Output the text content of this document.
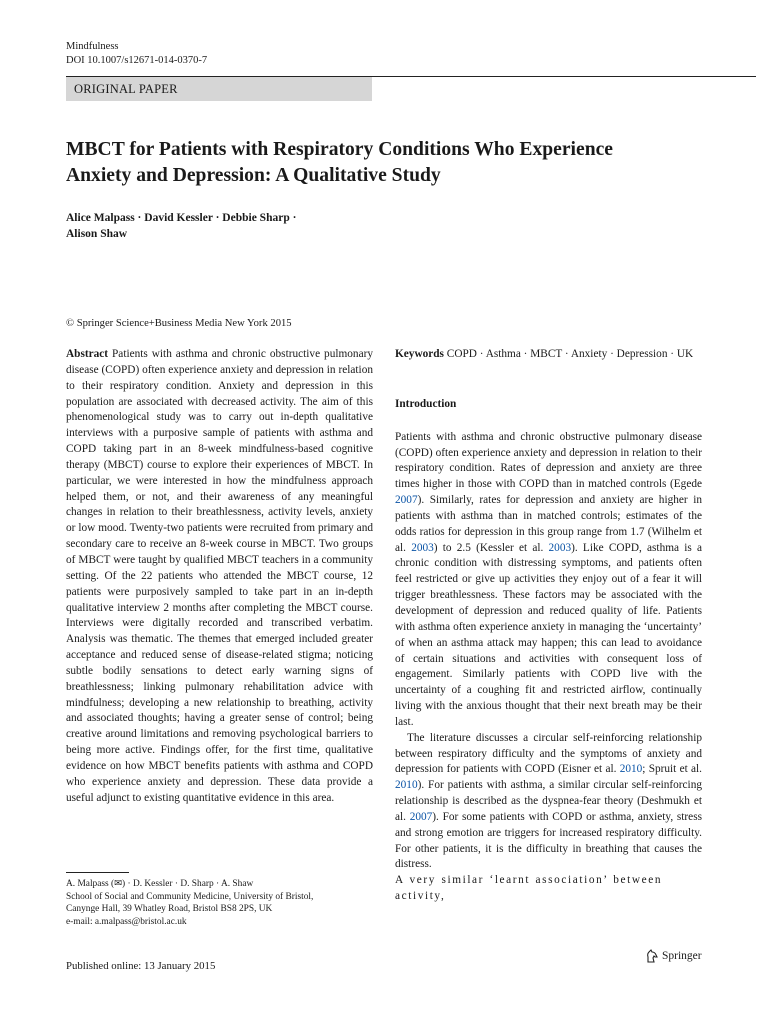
Mindfulness
DOI 10.1007/s12671-014-0370-7
ORIGINAL PAPER
MBCT for Patients with Respiratory Conditions Who Experience
Anxiety and Depression: A Qualitative Study
Alice Malpass · David Kessler · Debbie Sharp ·
Alison Shaw
© Springer Science+Business Media New York 2015

Abstract Patients with asthma and chronic obstructive pulmonary disease (COPD) often experience anxiety and depression in relation to their respiratory condition. Anxiety and depression in this population are associated with decreased activity. The aim of this phenomenological study was to carry out in-depth qualitative interviews with a purposive sample of patients with asthma and COPD taking part in an 8-week mindfulness-based cognitive therapy (MBCT) course to explore their experiences of MBCT. In particular, we were interested in how the mindfulness approach helped them, or not, and their awareness of any meaningful changes in relation to their breathlessness, activity levels, anxiety or low mood. Twenty-two patients were recruited from primary and secondary care to receive an 8-week course in MBCT. Two groups of MBCT were taught by qualified MBCT teachers in a community setting. Of the 22 patients who attended the MBCT course, 12 patients were purposively sampled to take part in an in-depth qualitative interview 2 months after completing the MBCT course. Interviews were digitally recorded and transcribed verbatim. Analysis was thematic. The themes that emerged included greater acceptance and reduced sense of disease-related stigma; noticing subtle bodily sensations to detect early warning signs of breathlessness; linking pulmonary rehabilitation advice with mindfulness; developing a new relationship to breathing, activity and associated thoughts; having a greater sense of control; being creative around limitations and removing psychological barriers to being more active. Findings offer, for the first time, qualitative evidence on how MBCT benefits patients with asthma and COPD who experience anxiety and depression. These data provide a useful adjunct to existing quantitative evidence in this area.

Keywords COPD · Asthma · MBCT · Anxiety · Depression · UK

Introduction

Patients with asthma and chronic obstructive pulmonary disease (COPD) often experience anxiety and depression in relation to their respiratory condition. Rates of depression and anxiety are three times higher in those with COPD than in matched controls (Egede 2007). Similarly, rates for depression and anxiety are higher in patients with asthma than in matched controls; estimates of the odds ratios for depression in this group range from 1.7 (Wilhelm et al. 2003) to 2.5 (Kessler et al. 2003). Like COPD, asthma is a chronic condition with distressing symptoms, and patients often feel restricted or give up activities they enjoy out of a fear it will trigger breathlessness. These factors may be associated with the development of depression and reduced quality of life. Patients with asthma often experience anxiety in managing the ‘uncertainty’ of when an asthma attack may happen; this can lead to avoidance of certain situations and activities with consequent loss of engagement. Similarly patients with COPD live with the uncertainty of a coughing fit and restricted airflow, continually living with the anxious thought that their next breath may be their last.

The literature discusses a circular self-reinforcing relationship between respiratory difficulty and the symptoms of anxiety and depression for patients with COPD (Eisner et al. 2010; Spruit et al. 2010). For patients with asthma, a similar circular self-reinforcing relationship is described as the dyspnea-fear theory (Deshmukh et al. 2007). For some patients with COPD or asthma, anxiety, stress and strong emotion are triggers for increased respiratory difficulty. For other patients, it is the difficulty in breathing that causes the distress.

A very similar ‘learnt association’ between activity,

A. Malpass (✉) · D. Kessler · D. Sharp · A. Shaw
School of Social and Community Medicine, University of Bristol,
Canynge Hall, 39 Whatley Road, Bristol BS8 2PS, UK
e-mail: a.malpass@bristol.ac.uk
Published online: 13 January 2015
Springer
